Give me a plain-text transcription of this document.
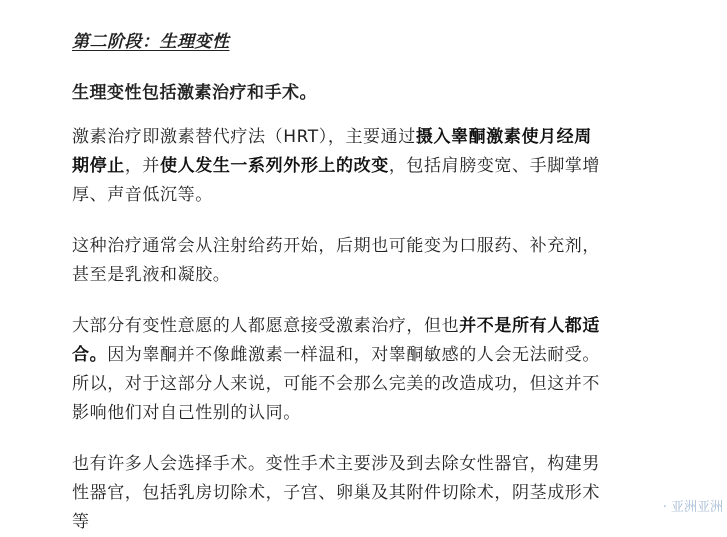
第二阶段：生理变性
生理变性包括激素治疗和手术。
激素治疗即激素替代疗法（HRT），主要通过摄入睾酮激素使月经周
期停止，并使人发生一系列外形上的改变，包括肩膀变宽、手脚掌增
厚、声音低沉等。
这种治疗通常会从注射给药开始，后期也可能变为口服药、补充剂，
甚至是乳液和凝胶。
大部分有变性意愿的人都愿意接受激素治疗，但也并不是所有人都适
合。因为睾酮并不像雌激素一样温和，对睾酮敏感的人会无法耐受。
所以，对于这部分人来说，可能不会那么完美的改造成功，但这并不
影响他们对自己性别的认同。
也有许多人会选择手术。变性手术主要涉及到去除女性器官，构建男
性器官，包括乳房切除术，子宫、卵巢及其附件切除术，阴茎成形术
等
· 亚洲亚洲
